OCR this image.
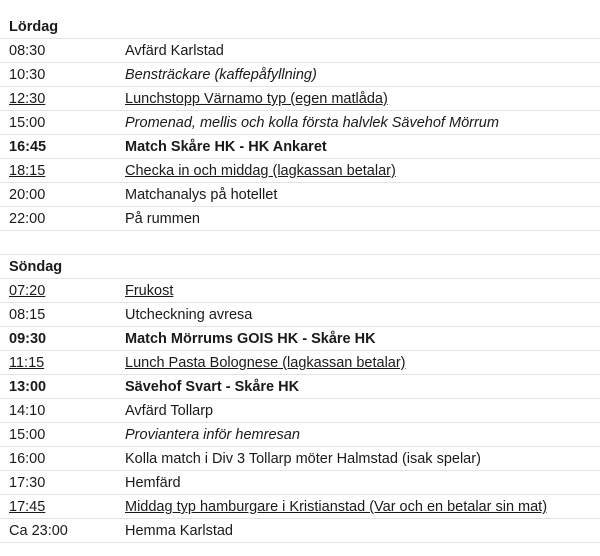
Lördag
08:30	Avfärd Karlstad
10:30	Bensträckare (kaffepåfyllning)
12:30	Lunchstopp Värnamo typ (egen matlåda)
15:00	Promenad, mellis och kolla första halvlek Sävehof Mörrum
16:45	Match Skåre HK - HK Ankaret
18:15	Checka in och middag (lagkassan betalar)
20:00	Matchanalys på hotellet
22:00	På rummen
Söndag
07:20	Frukost
08:15	Utcheckning avresa
09:30	Match Mörrums GOIS HK - Skåre HK
11:15	Lunch Pasta Bolognese (lagkassan betalar)
13:00	Sävehof Svart - Skåre HK
14:10	Avfärd Tollarp
15:00	Proviantera inför hemresan
16:00	Kolla match i Div 3 Tollarp möter Halmstad (isak spelar)
17:30	Hemfärd
17:45	Middag typ hamburgare i Kristianstad (Var och en betalar sin mat)
Ca 23:00	Hemma Karlstad
